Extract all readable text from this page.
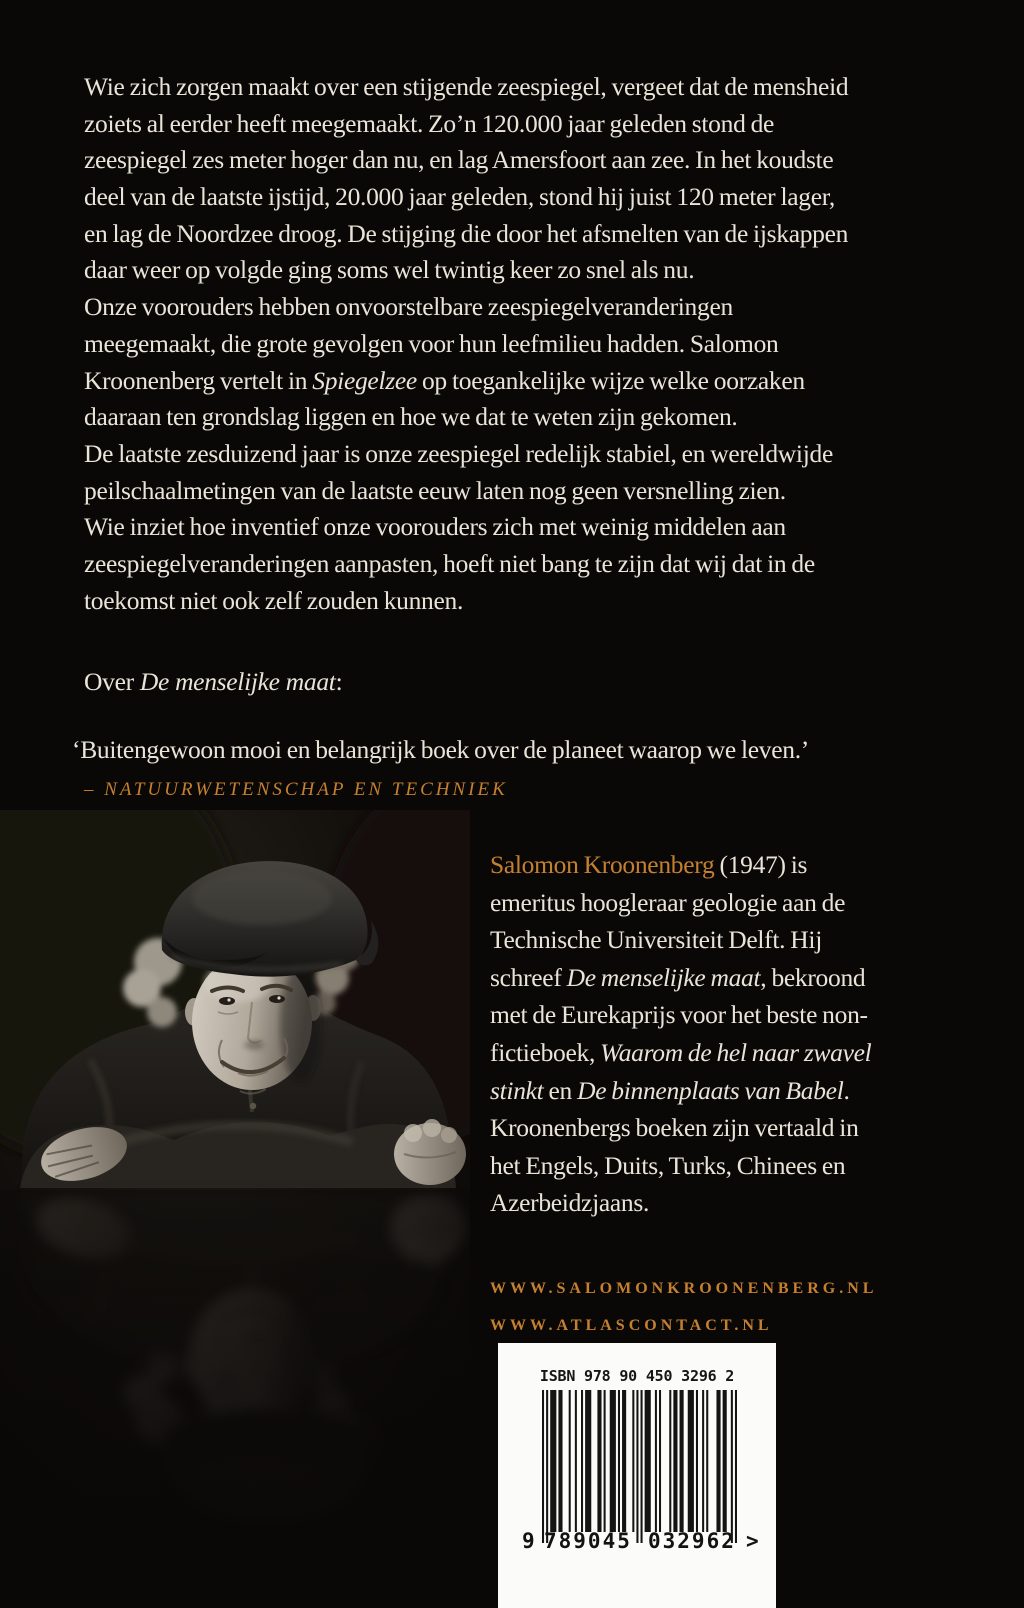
Wie zich zorgen maakt over een stijgende zeespiegel, vergeet dat de mensheid
zoiets al eerder heeft meegemaakt. Zo’n 120.000 jaar geleden stond de
zeespiegel zes meter hoger dan nu, en lag Amersfoort aan zee. In het koudste
deel van de laatste ijstijd, 20.000 jaar geleden, stond hij juist 120 meter lager,
en lag de Noordzee droog. De stijging die door het afsmelten van de ijskappen
daar weer op volgde ging soms wel twintig keer zo snel als nu.
Onze voorouders hebben onvoorstelbare zeespiegelveranderingen
meegemaakt, die grote gevolgen voor hun leefmilieu hadden. Salomon
Kroonenberg vertelt in Spiegelzee op toegankelijke wijze welke oorzaken
daaraan ten grondslag liggen en hoe we dat te weten zijn gekomen.
De laatste zesduizend jaar is onze zeespiegel redelijk stabiel, en wereldwijde
peilschaalmetingen van de laatste eeuw laten nog geen versnelling zien.
Wie inziet hoe inventief onze voorouders zich met weinig middelen aan
zeespiegelveranderingen aanpasten, hoeft niet bang te zijn dat wij dat in de
toekomst niet ook zelf zouden kunnen.
Over De menselijke maat:
‘Buitengewoon mooi en belangrijk boek over de planeet waarop we leven.’
– NATUURWETENSCHAP EN TECHNIEK
Salomon Kroonenberg (1947) is
emeritus hoogleraar geologie aan de
Technische Universiteit Delft. Hij
schreef De menselijke maat, bekroond
met de Eurekaprijs voor het beste non-
fictieboek, Waarom de hel naar zwavel
stinkt en De binnenplaats van Babel.
Kroonenbergs boeken zijn vertaald in
het Engels, Duits, Turks, Chinees en
Azerbeidzjaans.
WWW.SALOMONKROONENBERG.NL
WWW.ATLASCONTACT.NL
ISBN 978 90 450 3296 2
9 789045 032962 >
